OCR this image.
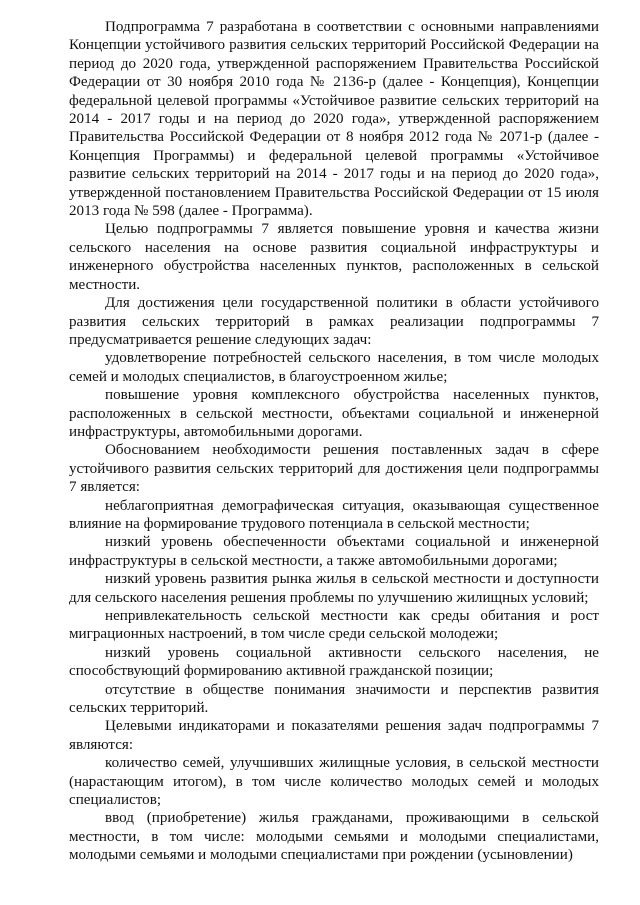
Подпрограмма 7 разработана в соответствии с основными направлениями Концепции устойчивого развития сельских территорий Российской Федерации на период до 2020 года, утвержденной распоряжением Правительства Российской Федерации от 30 ноября 2010 года № 2136-р (далее - Концепция), Концепции федеральной целевой программы «Устойчивое развитие сельских территорий на 2014 - 2017 годы и на период до 2020 года», утвержденной распоряжением Правительства Российской Федерации от 8 ноября 2012 года № 2071-р (далее - Концепция Программы) и федеральной целевой программы «Устойчивое развитие сельских территорий на 2014 - 2017 годы и на период до 2020 года», утвержденной постановлением Правительства Российской Федерации от 15 июля 2013 года № 598 (далее - Программа).

Целью подпрограммы 7 является повышение уровня и качества жизни сельского населения на основе развития социальной инфраструктуры и инженерного обустройства населенных пунктов, расположенных в сельской местности.

Для достижения цели государственной политики в области устойчивого развития сельских территорий в рамках реализации подпрограммы 7 предусматривается решение следующих задач:

удовлетворение потребностей сельского населения, в том числе молодых семей и молодых специалистов, в благоустроенном жилье;

повышение уровня комплексного обустройства населенных пунктов, расположенных в сельской местности, объектами социальной и инженерной инфраструктуры, автомобильными дорогами.

Обоснованием необходимости решения поставленных задач в сфере устойчивого развития сельских территорий для достижения цели подпрограммы 7 является:

неблагоприятная демографическая ситуация, оказывающая существенное влияние на формирование трудового потенциала в сельской местности;

низкий уровень обеспеченности объектами социальной и инженерной инфраструктуры в сельской местности, а также автомобильными дорогами;

низкий уровень развития рынка жилья в сельской местности и доступности для сельского населения решения проблемы по улучшению жилищных условий;

непривлекательность сельской местности как среды обитания и рост миграционных настроений, в том числе среди сельской молодежи;

низкий уровень социальной активности сельского населения, не способствующий формированию активной гражданской позиции;

отсутствие в обществе понимания значимости и перспектив развития сельских территорий.

Целевыми индикаторами и показателями решения задач подпрограммы 7 являются:

количество семей, улучшивших жилищные условия, в сельской местности (нарастающим итогом), в том числе количество молодых семей и молодых специалистов;

ввод (приобретение) жилья гражданами, проживающими в сельской местности, в том числе: молодыми семьями и молодыми специалистами, молодыми семьями и молодыми специалистами при рождении (усыновлении)
